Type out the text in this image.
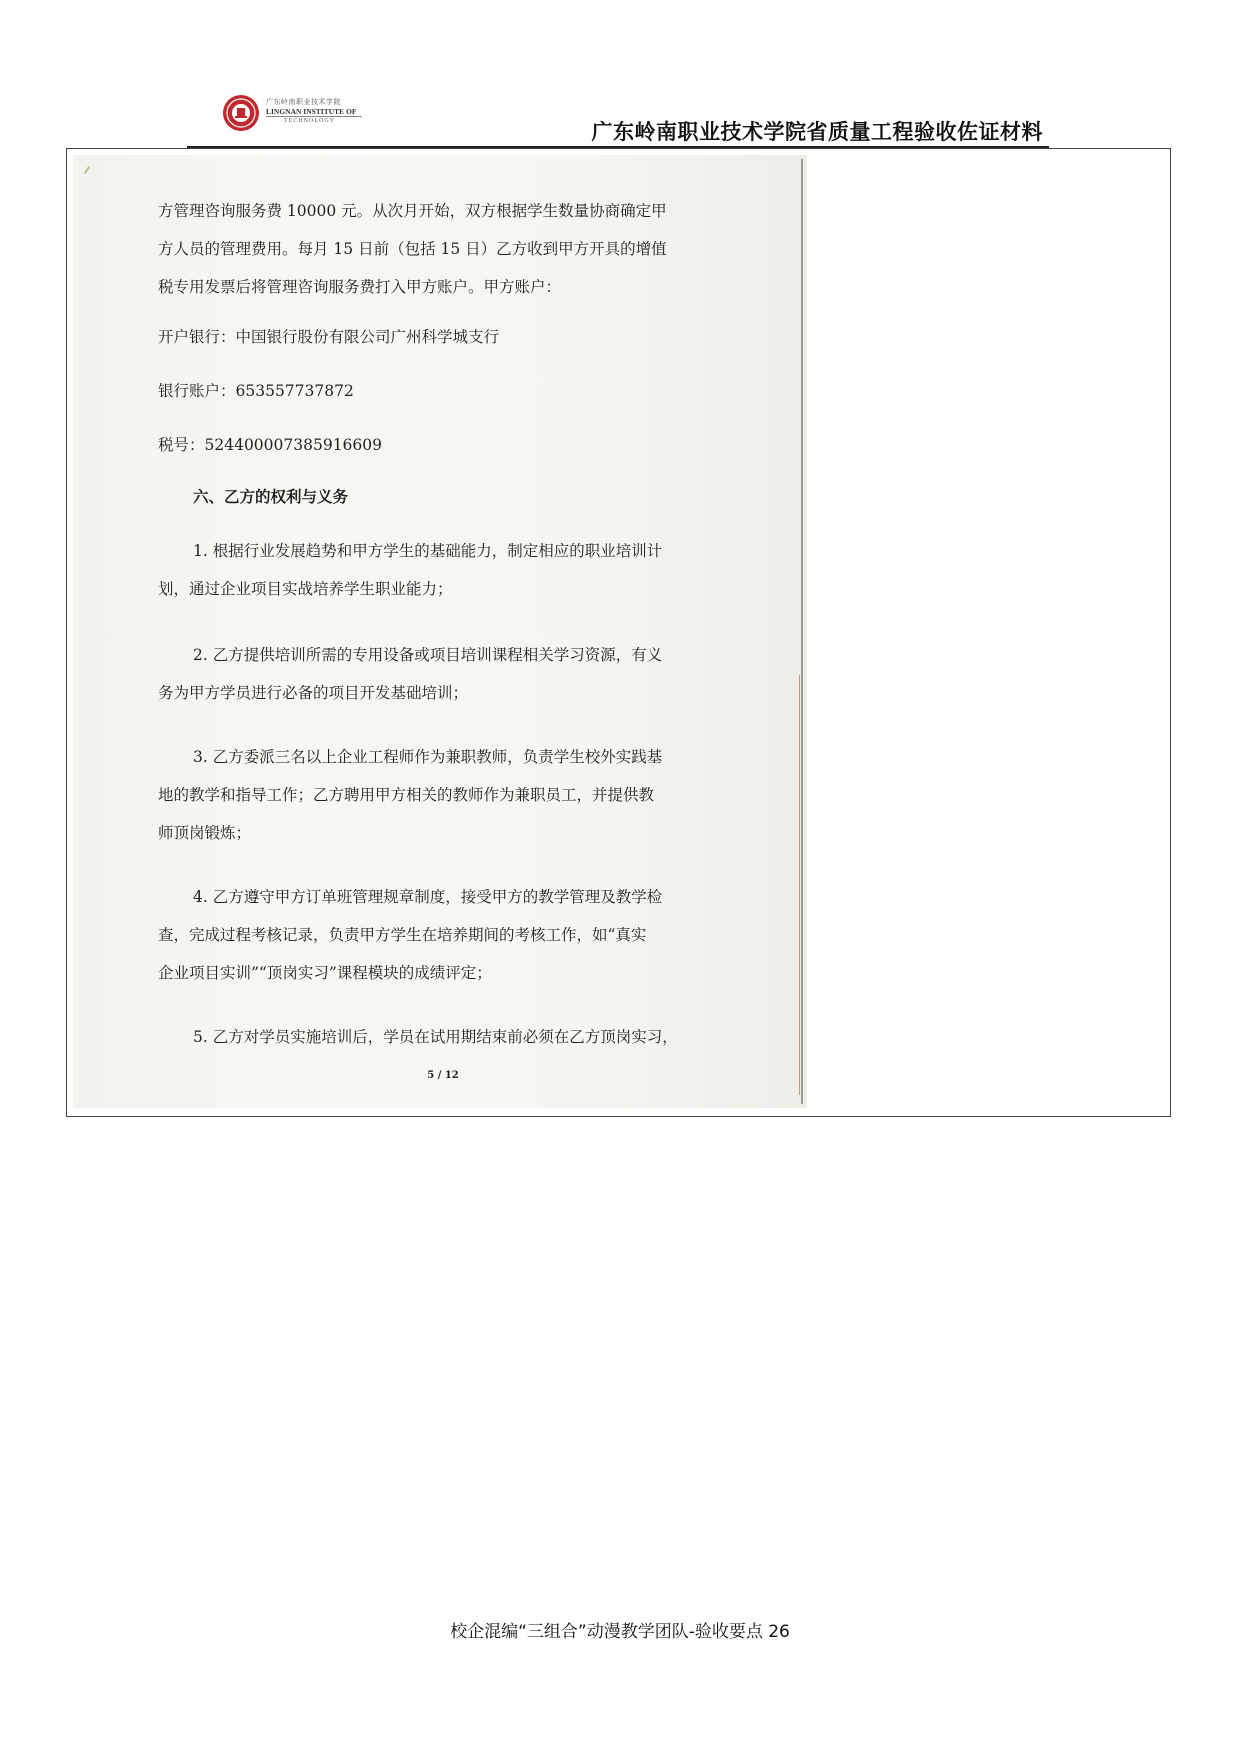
广东岭南职业技术学院
LINGNAN INSTITUTE OF
TECHNOLOGY	广东岭南职业技术学院省质量工程验收佐证材料
方管理咨询服务费 10000 元。从次月开始，双方根据学生数量协商确定甲
方人员的管理费用。每月 15 日前（包括 15 日）乙方收到甲方开具的增值
税专用发票后将管理咨询服务费打入甲方账户。甲方账户：
开户银行：中国银行股份有限公司广州科学城支行
银行账户：653557737872
税号：524400007385916609
六、乙方的权利与义务
1. 根据行业发展趋势和甲方学生的基础能力，制定相应的职业培训计
划，通过企业项目实战培养学生职业能力；
2. 乙方提供培训所需的专用设备或项目培训课程相关学习资源，有义
务为甲方学员进行必备的项目开发基础培训；
3. 乙方委派三名以上企业工程师作为兼职教师，负责学生校外实践基
地的教学和指导工作；乙方聘用甲方相关的教师作为兼职员工，并提供教
师顶岗锻炼；
4. 乙方遵守甲方订单班管理规章制度，接受甲方的教学管理及教学检
查，完成过程考核记录，负责甲方学生在培养期间的考核工作，如“真实
企业项目实训”“顶岗实习”课程模块的成绩评定；
5. 乙方对学员实施培训后，学员在试用期结束前必须在乙方顶岗实习，
5 / 12
校企混编“三组合”动漫教学团队-验收要点 26
